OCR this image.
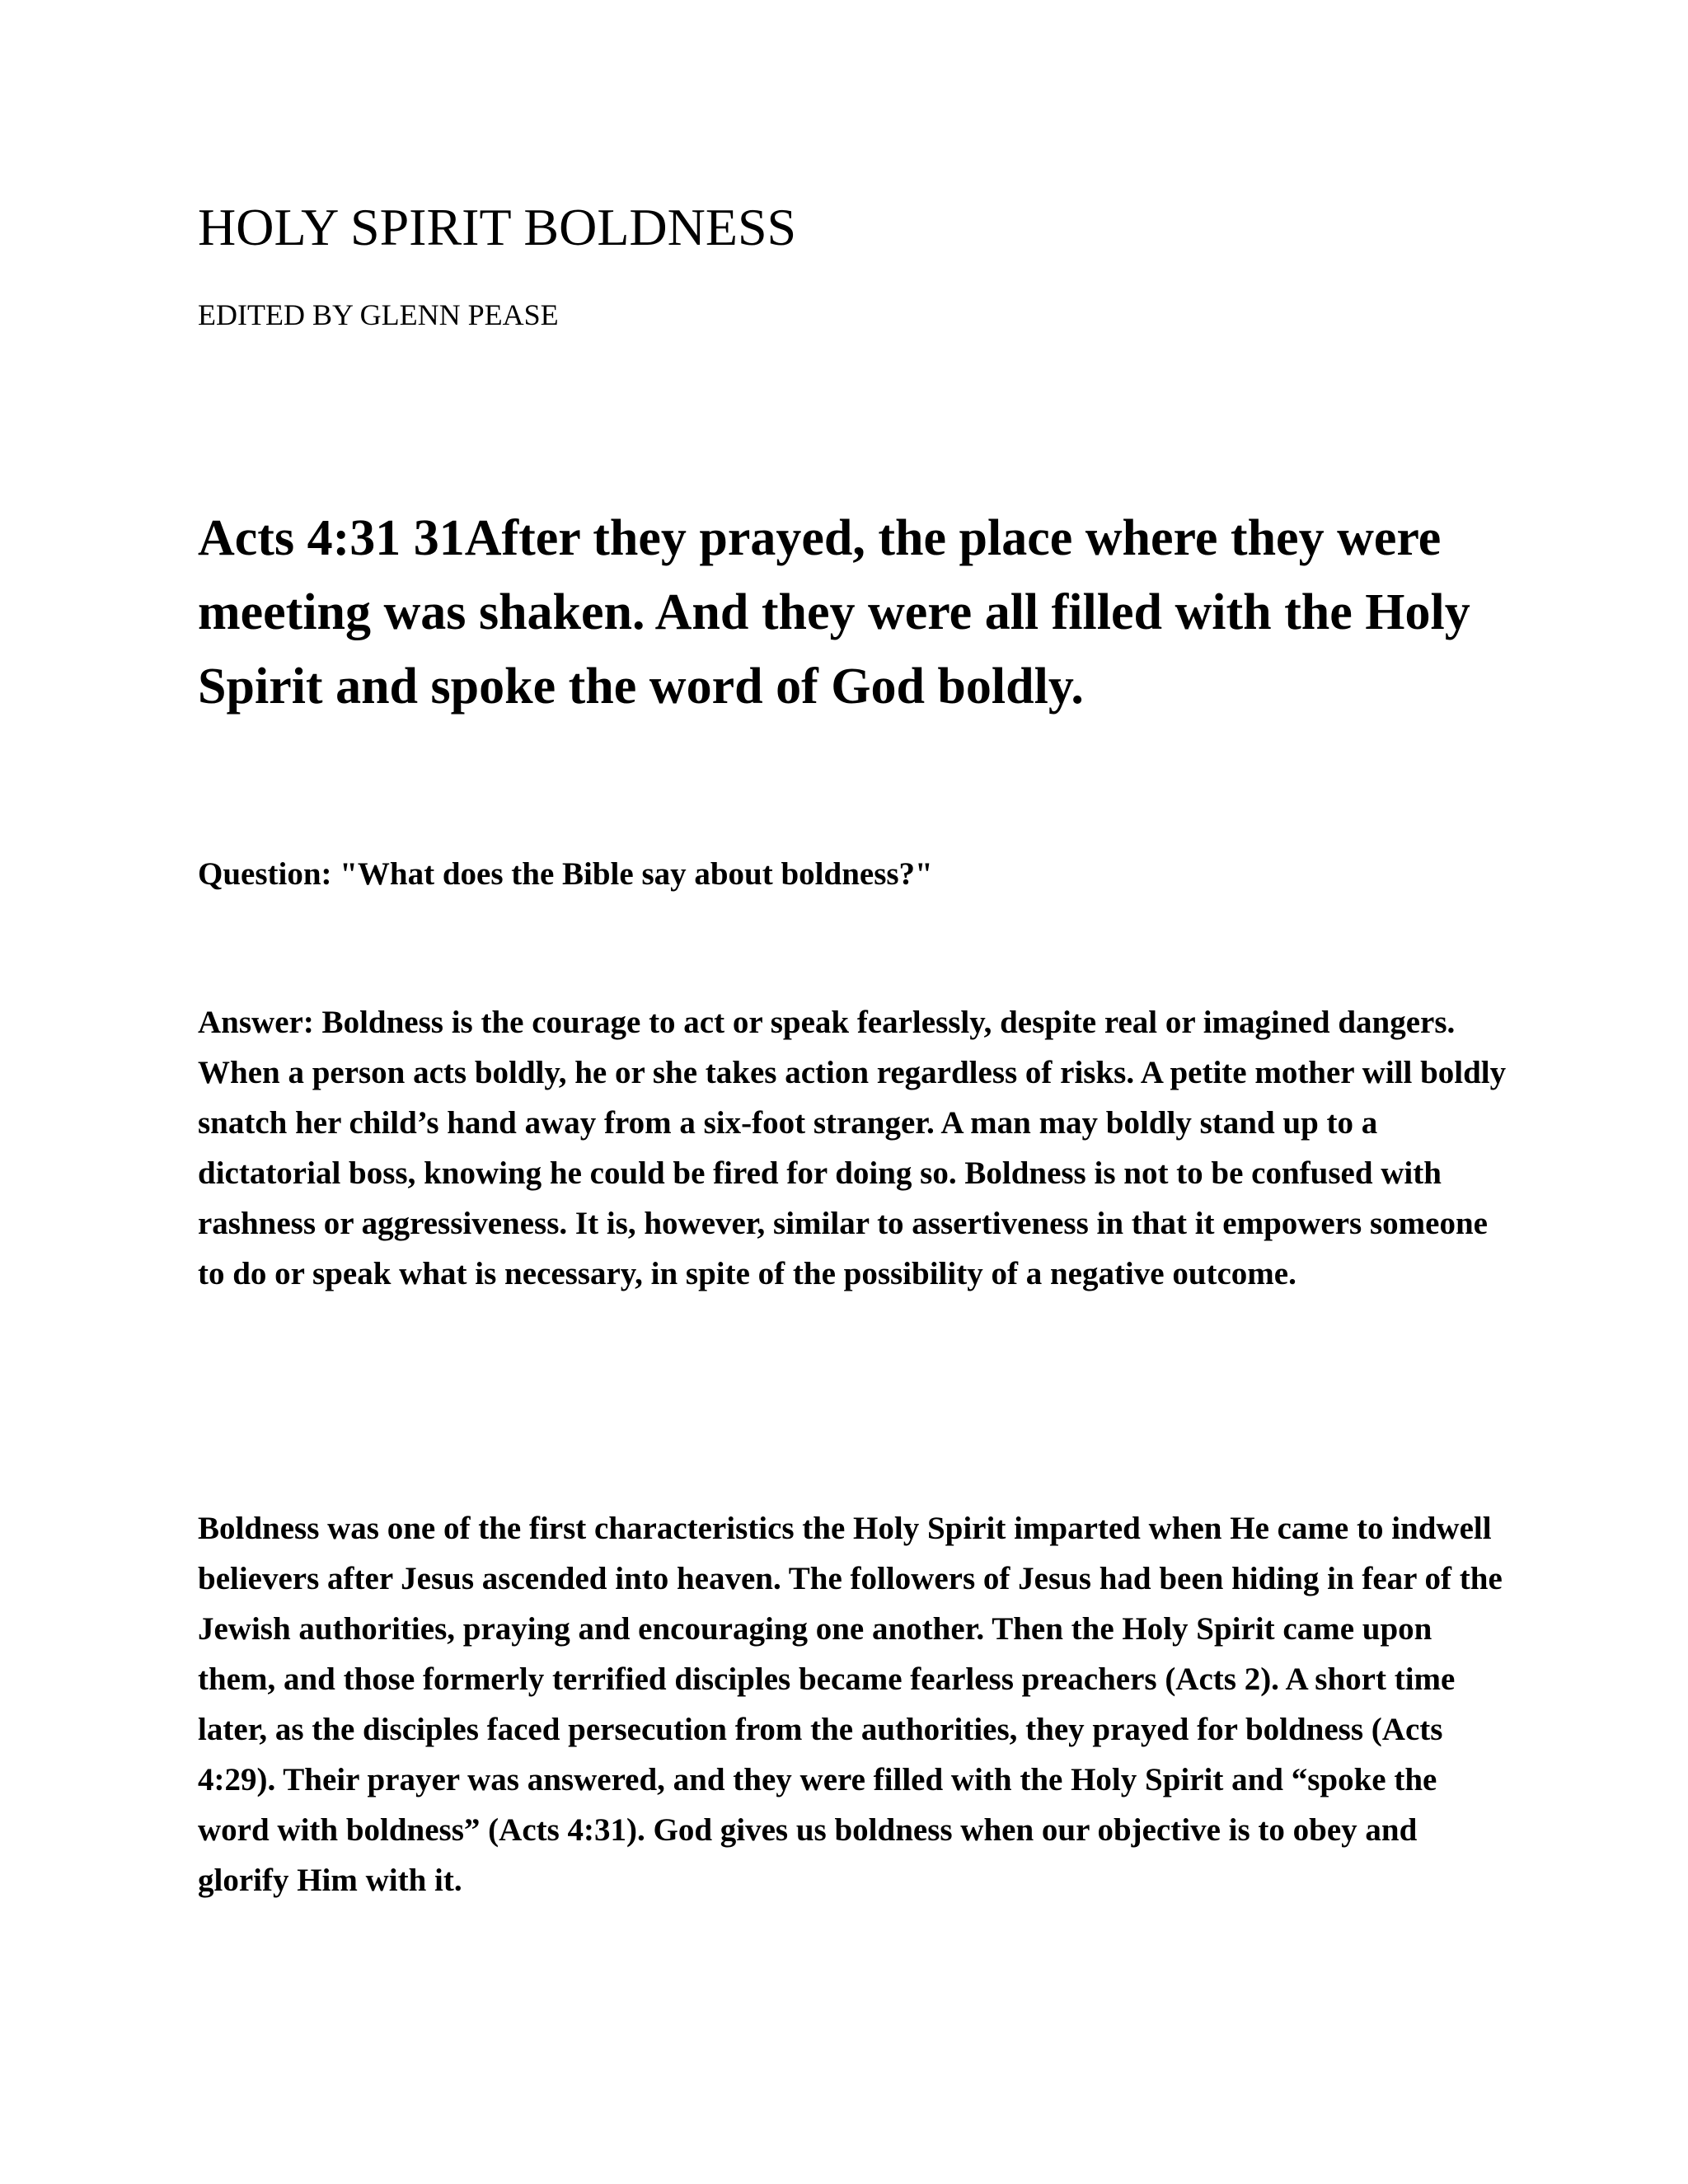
HOLY SPIRIT BOLDNESS

EDITED BY GLENN PEASE

Acts 4:31 31After they prayed, the place where they were meeting was shaken. And they were all filled with the Holy Spirit and spoke the word of God boldly.

Question: "What does the Bible say about boldness?"

Answer: Boldness is the courage to act or speak fearlessly, despite real or imagined dangers. When a person acts boldly, he or she takes action regardless of risks. A petite mother will boldly snatch her child’s hand away from a six-foot stranger. A man may boldly stand up to a dictatorial boss, knowing he could be fired for doing so. Boldness is not to be confused with rashness or aggressiveness. It is, however, similar to assertiveness in that it empowers someone to do or speak what is necessary, in spite of the possibility of a negative outcome.

Boldness was one of the first characteristics the Holy Spirit imparted when He came to indwell believers after Jesus ascended into heaven. The followers of Jesus had been hiding in fear of the Jewish authorities, praying and encouraging one another. Then the Holy Spirit came upon them, and those formerly terrified disciples became fearless preachers (Acts 2). A short time later, as the disciples faced persecution from the authorities, they prayed for boldness (Acts 4:29). Their prayer was answered, and they were filled with the Holy Spirit and “spoke the word with boldness” (Acts 4:31). God gives us boldness when our objective is to obey and glorify Him with it.
